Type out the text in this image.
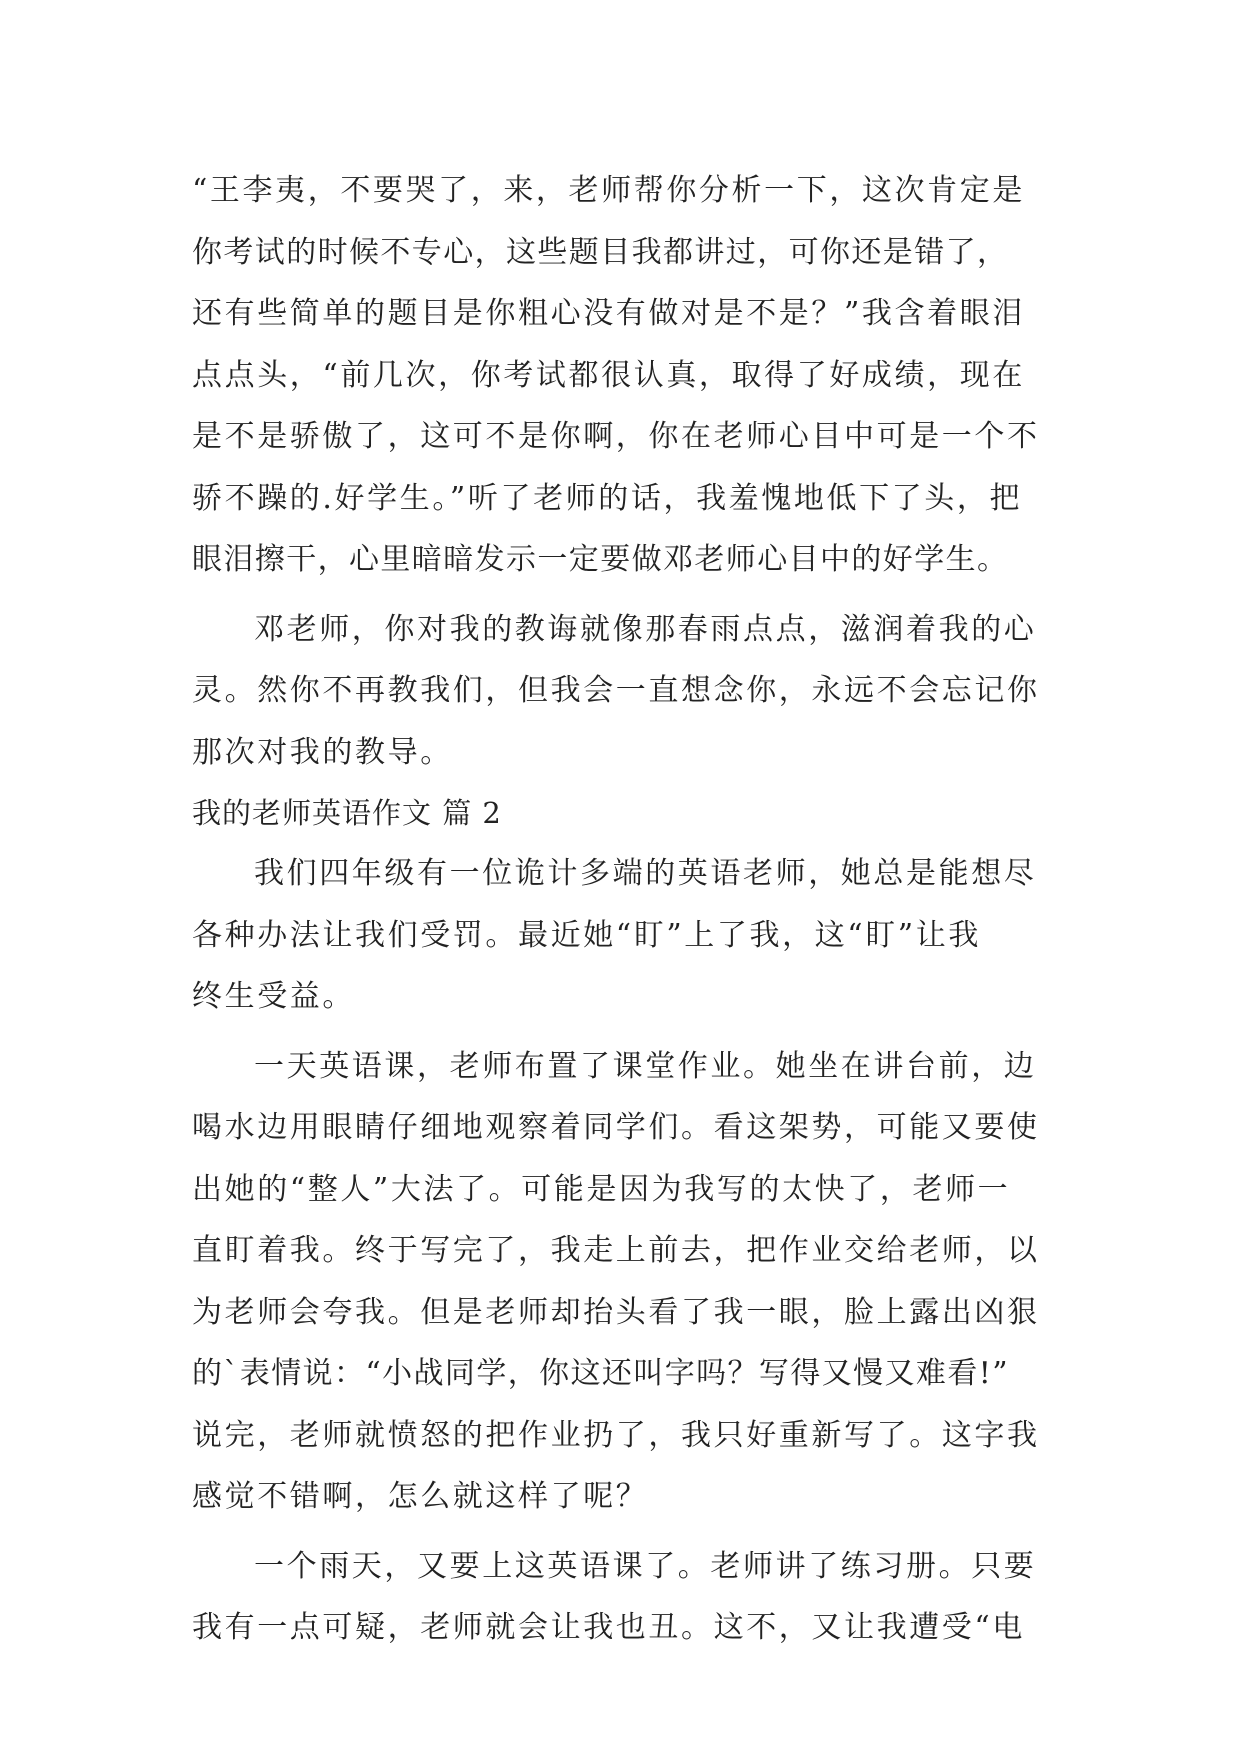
“王李夷，不要哭了，来，老师帮你分析一下，这次肯定是
你考试的时候不专心，这些题目我都讲过，可你还是错了，
还有些简单的题目是你粗心没有做对是不是？”我含着眼泪
点点头，“前几次，你考试都很认真，取得了好成绩，现在
是不是骄傲了，这可不是你啊，你在老师心目中可是一个不
骄不躁的.好学生。”听了老师的话，我羞愧地低下了头，把
眼泪擦干，心里暗暗发示一定要做邓老师心目中的好学生。
邓老师，你对我的教诲就像那春雨点点，滋润着我的心
灵。然你不再教我们，但我会一直想念你，永远不会忘记你
那次对我的教导。
我的老师英语作文 篇 2
我们四年级有一位诡计多端的英语老师，她总是能想尽
各种办法让我们受罚。最近她“盯”上了我，这“盯”让我
终生受益。
一天英语课，老师布置了课堂作业。她坐在讲台前，边
喝水边用眼睛仔细地观察着同学们。看这架势，可能又要使
出她的“整人”大法了。可能是因为我写的太快了，老师一
直盯着我。终于写完了，我走上前去，把作业交给老师，以
为老师会夸我。但是老师却抬头看了我一眼，脸上露出凶狠
的`表情说：“小战同学，你这还叫字吗？写得又慢又难看!”
说完，老师就愤怒的把作业扔了，我只好重新写了。这字我
感觉不错啊，怎么就这样了呢？
一个雨天，又要上这英语课了。老师讲了练习册。只要
我有一点可疑，老师就会让我也丑。这不，又让我遭受“电
